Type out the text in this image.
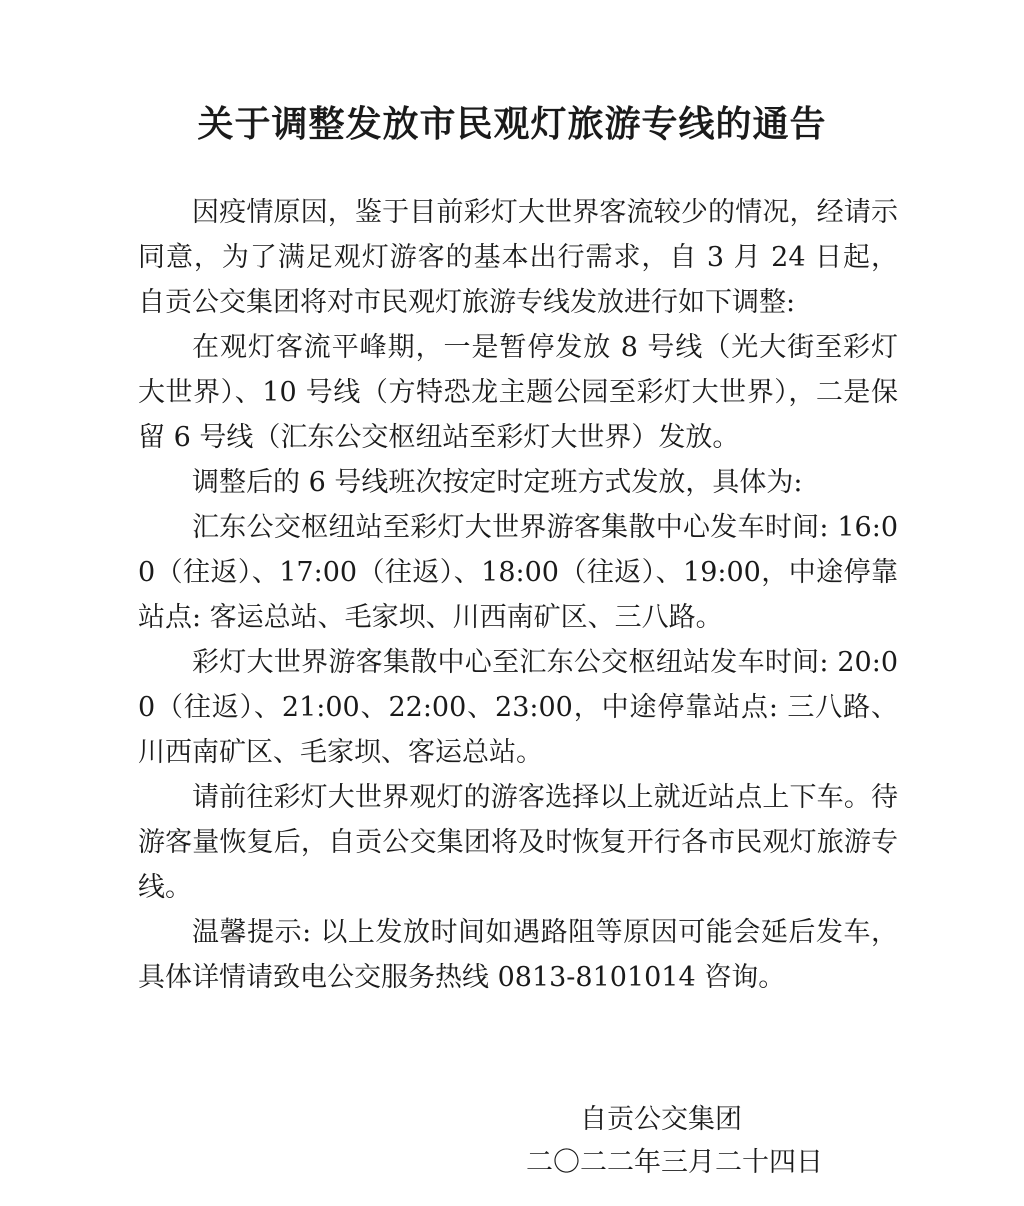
关于调整发放市民观灯旅游专线的通告

因疫情原因，鉴于目前彩灯大世界客流较少的情况，经请示同意，为了满足观灯游客的基本出行需求，自 3 月 24 日起，自贡公交集团将对市民观灯旅游专线发放进行如下调整:

在观灯客流平峰期，一是暂停发放 8 号线（光大街至彩灯大世界）、10 号线（方特恐龙主题公园至彩灯大世界），二是保留 6 号线（汇东公交枢纽站至彩灯大世界）发放。

调整后的 6 号线班次按定时定班方式发放，具体为:

汇东公交枢纽站至彩灯大世界游客集散中心发车时间: 16:00（往返）、17:00（往返）、18:00（往返）、19:00，中途停靠站点: 客运总站、毛家坝、川西南矿区、三八路。

彩灯大世界游客集散中心至汇东公交枢纽站发车时间: 20:00（往返）、21:00、22:00、23:00，中途停靠站点: 三八路、川西南矿区、毛家坝、客运总站。

请前往彩灯大世界观灯的游客选择以上就近站点上下车。待游客量恢复后，自贡公交集团将及时恢复开行各市民观灯旅游专线。

温馨提示: 以上发放时间如遇路阻等原因可能会延后发车，具体详情请致电公交服务热线 0813-8101014 咨询。

自贡公交集团
二〇二二年三月二十四日
